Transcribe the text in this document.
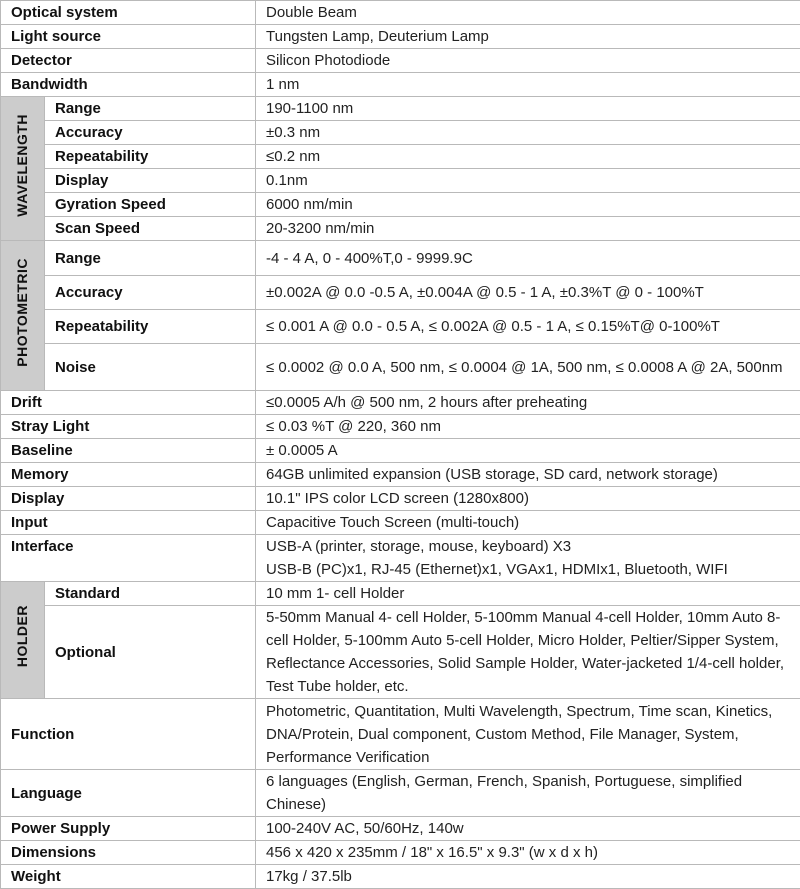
Optical system		Double Beam
Light source		Tungsten Lamp, Deuterium Lamp
Detector		Silicon Photodiode
Bandwidth		1 nm
WAVELENGTH	Range	190-1100 nm
	Accuracy	±0.3 nm
	Repeatability	≤0.2 nm
	Display	0.1nm
	Gyration Speed	6000 nm/min
	Scan Speed	20-3200 nm/min
PHOTOMETRIC	Range	-4 - 4 A, 0 - 400%T,0 - 9999.9C
	Accuracy	±0.002A @ 0.0 -0.5 A, ±0.004A @ 0.5 - 1 A, ±0.3%T @ 0 - 100%T
	Repeatability	≤ 0.001 A @ 0.0 - 0.5 A, ≤ 0.002A @ 0.5 - 1 A, ≤ 0.15%T@ 0-100%T
	Noise	≤ 0.0002 @ 0.0 A, 500 nm, ≤ 0.0004 @ 1A, 500 nm, ≤ 0.0008 A @ 2A, 500nm
Drift		≤0.0005 A/h @ 500 nm, 2 hours after preheating
Stray Light		≤ 0.03 %T @ 220, 360 nm
Baseline		± 0.0005 A
Memory		64GB unlimited expansion (USB storage, SD card, network storage)
Display		10.1" IPS color LCD screen (1280x800)
Input		Capacitive Touch Screen (multi-touch)
Interface		USB-A (printer, storage, mouse, keyboard) X3
USB-B (PC)x1, RJ-45 (Ethernet)x1, VGAx1, HDMIx1, Bluetooth, WIFI

HOLDER	Standard	10 mm 1- cell Holder
	Optional	5-50mm Manual 4- cell Holder, 5-100mm Manual 4-cell Holder, 10mm Auto 8-cell Holder, 5-100mm Auto 5-cell Holder, Micro Holder, Peltier/Sipper System, Reflectance Accessories, Solid Sample Holder, Water-jacketed 1/4-cell holder, Test Tube holder, etc.
Function		Photometric, Quantitation, Multi Wavelength, Spectrum, Time scan, Kinetics, DNA/Protein, Dual component, Custom Method, File Manager, System, Performance Verification
Language		6 languages (English, German, French, Spanish, Portuguese, simplified Chinese)
Power Supply		100-240V AC, 50/60Hz, 140w
Dimensions		456 x 420 x 235mm / 18" x 16.5" x 9.3" (w x d x h)
Weight		17kg / 37.5lb
